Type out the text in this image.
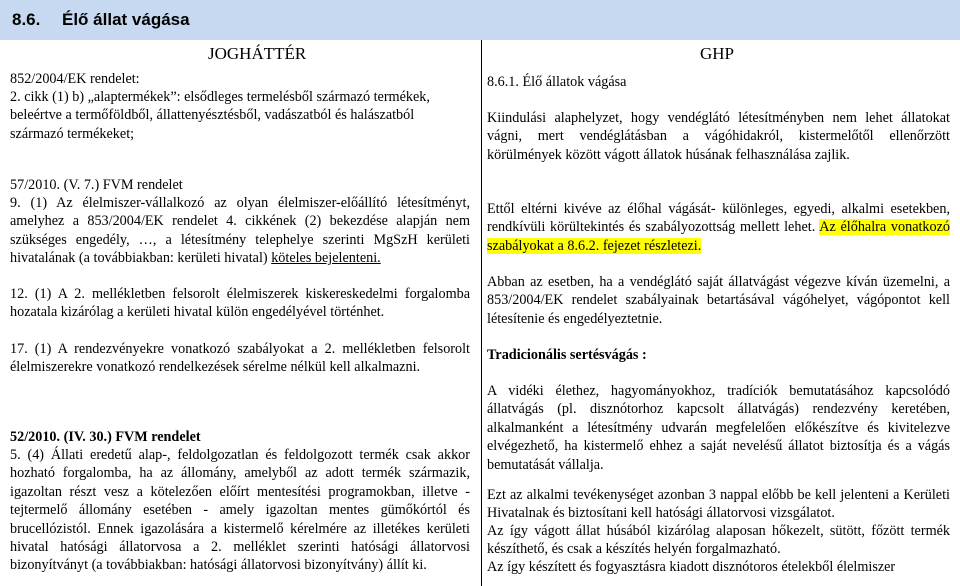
8.6. Élő állat vágása
JOGHÁTTÉR

852/2004/EK rendelet:

2. cikk (1) b) „alaptermékek”: elsődleges termelésből származó termékek, beleértve a termőföldből, állattenyésztésből, vadászatból és halászatból származó termékeket;

57/2010. (V. 7.) FVM rendelet

9. (1) Az élelmiszer-vállalkozó az olyan élelmiszer-előállító létesítményt, amelyhez a 853/2004/EK rendelet 4. cikkének (2) bekezdése alapján nem szükséges engedély, …, a létesítmény telephelye szerinti MgSzH kerületi hivatalának (a továbbiakban: kerületi hivatal) köteles bejelenteni.

12. (1) A 2. mellékletben felsorolt élelmiszerek kiskereskedelmi forgalomba hozatala kizárólag a kerületi hivatal külön engedélyével történhet.

17. (1) A rendezvényekre vonatkozó szabályokat a 2. mellékletben felsorolt élelmiszerekre vonatkozó rendelkezések sérelme nélkül kell alkalmazni.

52/2010. (IV. 30.) FVM rendelet

5. (4) Állati eredetű alap-, feldolgozatlan és feldolgozott termék csak akkor hozható forgalomba, ha az állomány, amelyből az adott termék származik, igazoltan részt vesz a kötelezően előírt mentesítési programokban, illetve - tejtermelő állomány esetében - amely igazoltan mentes gümőkórtól és brucellózistól. Ennek igazolására a kistermelő kérelmére az illetékes kerületi hivatal hatósági állatorvosa a 2. melléklet szerinti hatósági állatorvosi bizonyítványt (a továbbiakban: hatósági állatorvosi bizonyítvány) állít ki.

GHP

8.6.1. Élő állatok vágása

Kiindulási alaphelyzet, hogy vendéglátó létesítményben nem lehet állatokat vágni, mert vendéglátásban a vágóhidakról, kistermelőtől ellenőrzött körülmények között vágott állatok húsának felhasználása zajlik.

Ettől eltérni kivéve az élőhal vágását- különleges, egyedi, alkalmi esetekben, rendkívüli körültekintés és szabályozottság mellett lehet. Az élőhalra vonatkozó szabályokat a 8.6.2. fejezet részletezi.

Abban az esetben, ha a vendéglátó saját állatvágást végezve kíván üzemelni, a 853/2004/EK rendelet szabályainak betartásával vágóhelyet, vágópontot kell létesítenie és engedélyeztetnie.

Tradicionális sertésvágás :

A vidéki élethez, hagyományokhoz, tradíciók bemutatásához kapcsolódó állatvágás (pl. disznótorhoz kapcsolt állatvágás) rendezvény keretében, alkalmanként a létesítmény udvarán megfelelően előkészítve és kivitelezve elvégezhető, ha kistermelő ehhez a saját nevelésű állatot biztosítja és a vágás bemutatását vállalja.

Ezt az alkalmi tevékenységet azonban 3 nappal előbb be kell jelenteni a Kerületi Hivatalnak és biztosítani kell hatósági állatorvosi vizsgálatot.

Az így vágott állat húsából kizárólag alaposan hőkezelt, sütött, főzött termék készíthető, és csak a készítés helyén forgalmazható.

Az így készített és fogyasztásra kiadott disznótoros ételekből élelmiszer
